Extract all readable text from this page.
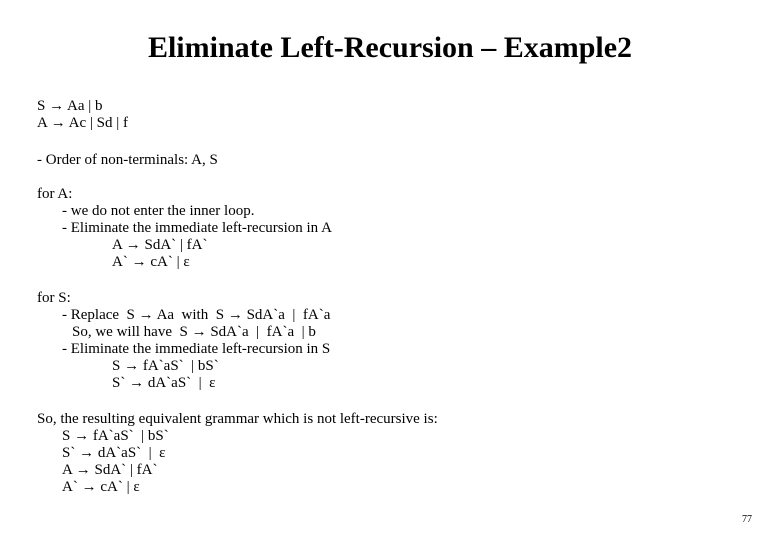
Eliminate Left-Recursion – Example2
S → Aa | b
A → Ac | Sd | f
- Order of non-terminals: A, S
for A:
- we do not enter the inner loop.
- Eliminate the immediate left-recursion in A
A → SdA` | fA`
A` → cA` | ε
for S:
- Replace  S → Aa  with  S → SdA`a  |  fA`a
So, we will have  S → SdA`a  |  fA`a  | b
- Eliminate the immediate left-recursion in S
S → fA`aS`  | bS`
S` → dA`aS`  |  ε
So, the resulting equivalent grammar which is not left-recursive is:
S → fA`aS`  | bS`
S` → dA`aS`  |  ε
A → SdA` | fA`
A` → cA` | ε
77
